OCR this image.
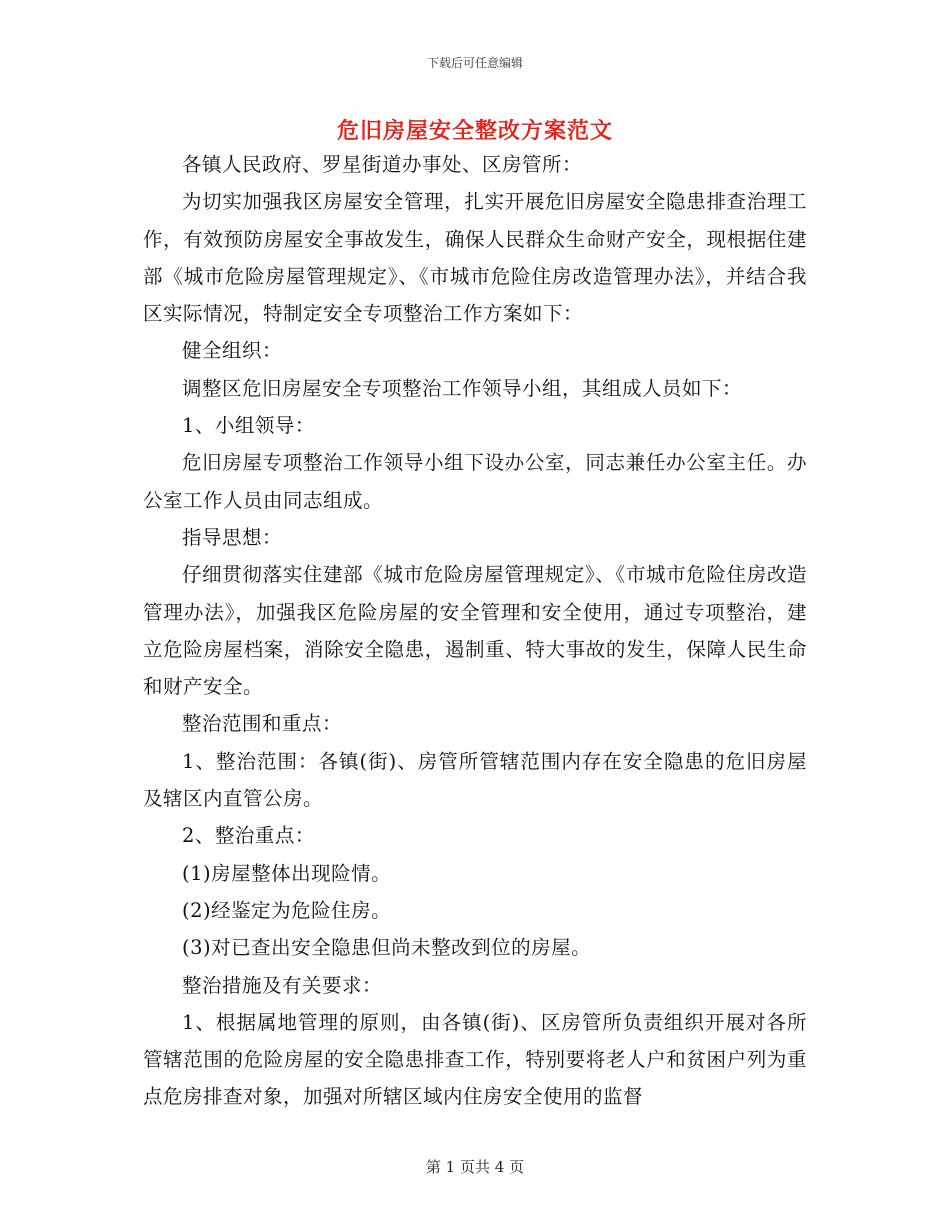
下载后可任意编辑
危旧房屋安全整改方案范文

各镇人民政府、罗星街道办事处、区房管所：

为切实加强我区房屋安全管理，扎实开展危旧房屋安全隐患排查治理工作，有效预防房屋安全事故发生，确保人民群众生命财产安全，现根据住建部《城市危险房屋管理规定》、《市城市危险住房改造管理办法》，并结合我区实际情况，特制定安全专项整治工作方案如下：

健全组织：

调整区危旧房屋安全专项整治工作领导小组，其组成人员如下：

1、小组领导：

危旧房屋专项整治工作领导小组下设办公室，同志兼任办公室主任。办公室工作人员由同志组成。

指导思想：

仔细贯彻落实住建部《城市危险房屋管理规定》、《市城市危险住房改造管理办法》，加强我区危险房屋的安全管理和安全使用，通过专项整治，建立危险房屋档案，消除安全隐患，遏制重、特大事故的发生，保障人民生命和财产安全。

整治范围和重点：

1、整治范围：各镇(街)、房管所管辖范围内存在安全隐患的危旧房屋及辖区内直管公房。

2、整治重点：

(1)房屋整体出现险情。

(2)经鉴定为危险住房。

(3)对已查出安全隐患但尚未整改到位的房屋。

整治措施及有关要求：

1、根据属地管理的原则，由各镇(街)、区房管所负责组织开展对各所管辖范围的危险房屋的安全隐患排查工作，特别要将老人户和贫困户列为重点危房排查对象，加强对所辖区域内住房安全使用的监督

第 1 页共 4 页
